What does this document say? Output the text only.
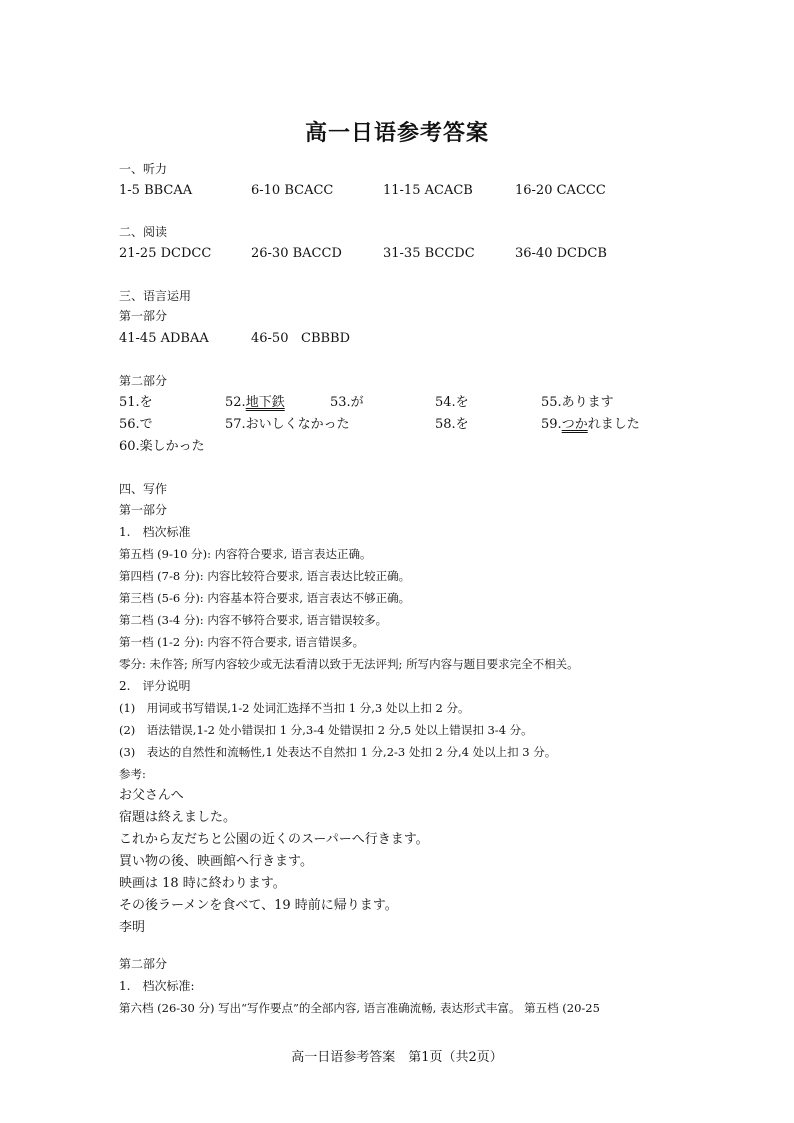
高一日语参考答案
一、听力
1-5 BBCAA	6-10 BCACC	11-15 ACACB	16-20 CACCC
二、阅读
21-25 DCDCC	26-30 BACCD	31-35 BCCDC	36-40 DCDCB
三、语言运用
第一部分
41-45 ADBAA	46-50 CBBBD
第二部分
51.を	52.地下鉄	53.が	54.を	55.あります
56.で	57.おいしくなかった	58.を	59.つかれました
60.楽しかった
四、写作
第一部分
1.　档次标准
第五档 (9-10 分): 内容符合要求, 语言表达正确。
第四档 (7-8 分): 内容比较符合要求, 语言表达比较正确。
第三档 (5-6 分): 内容基本符合要求, 语言表达不够正确。
第二档 (3-4 分): 内容不够符合要求, 语言错误较多。
第一档 (1-2 分): 内容不符合要求, 语言错误多。
零分: 未作答; 所写内容较少或无法看清以致于无法评判; 所写内容与题目要求完全不相关。
2.　评分说明
(1)　用词或书写错误,1-2 处词汇选择不当扣 1 分,3 处以上扣 2 分。
(2)　语法错误,1-2 处小错误扣 1 分,3-4 处错误扣 2 分,5 处以上错误扣 3-4 分。
(3)　表达的自然性和流畅性,1 处表达不自然扣 1 分,2-3 处扣 2 分,4 处以上扣 3 分。
参考:
お父さんへ
宿題は終えました。
これから友だちと公園の近くのスーパーへ行きます。
買い物の後、映画館へ行きます。
映画は 18 時に終わります。
その後ラーメンを食べて、19 時前に帰ります。
李明
第二部分
1.　档次标准:
第六档 (26-30 分) 写出“写作要点”的全部内容, 语言准确流畅, 表达形式丰富。 第五档 (20-25
高一日语参考答案　第1页（共2页）
